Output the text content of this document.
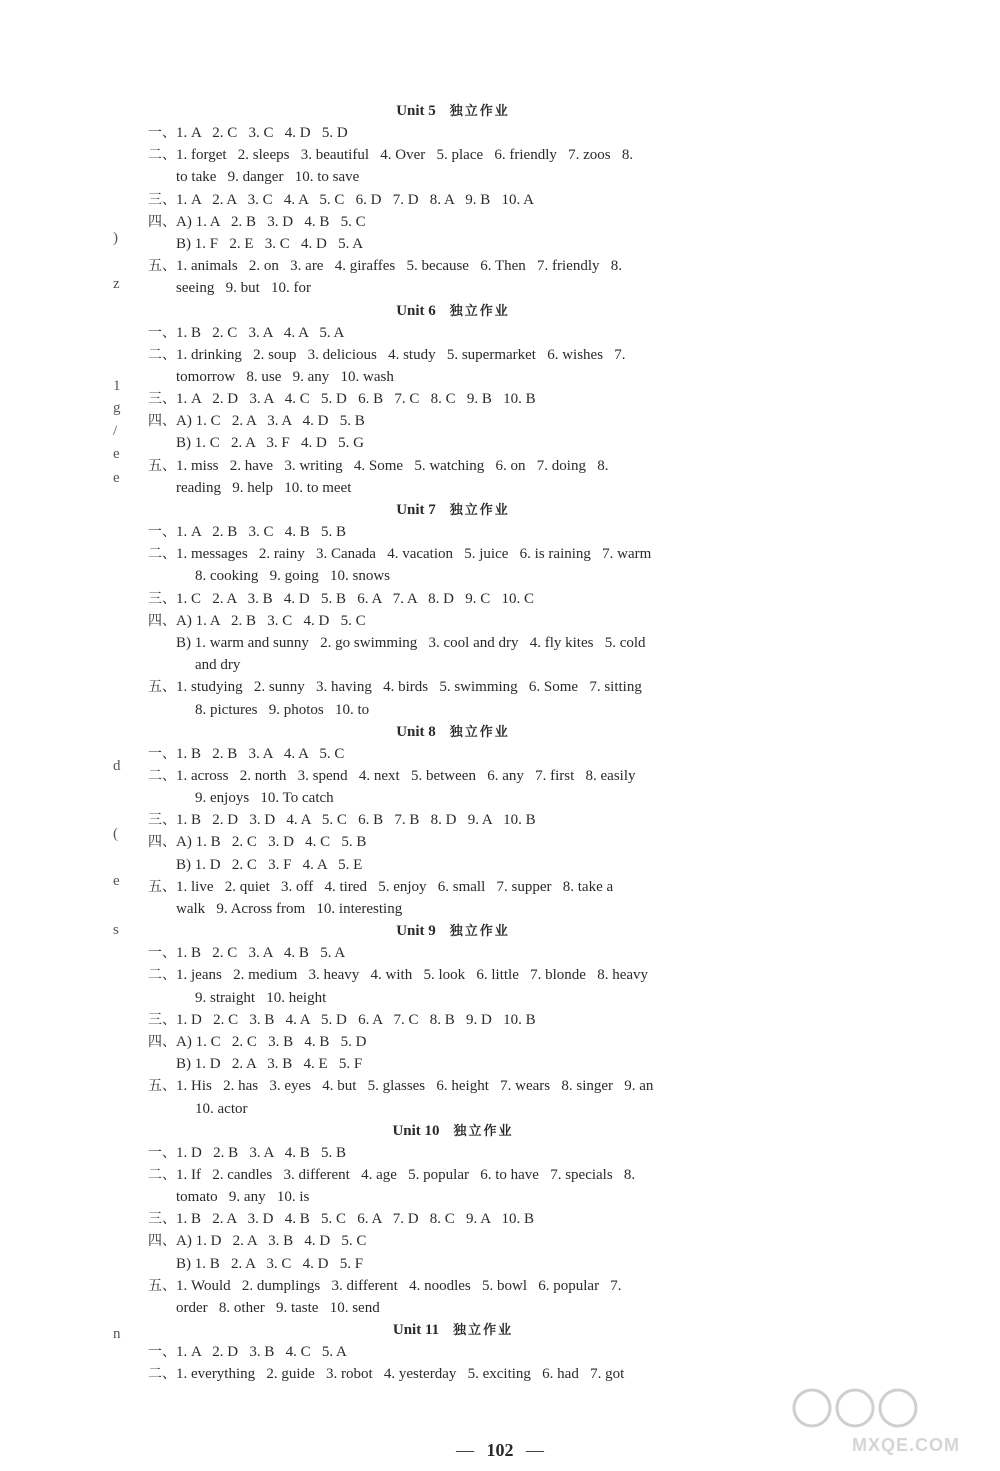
)
z
1
g
/
e
e
d
(
e
s
n
Unit 5 独立作业
一、1. A   2. C   3. C   4. D   5. D
二、1. forget   2. sleeps   3. beautiful   4. Over   5. place   6. friendly   7. zoos   8.
to take   9. danger   10. to save
三、1. A   2. A   3. C   4. A   5. C   6. D   7. D   8. A   9. B   10. A
四、A) 1. A   2. B   3. D   4. B   5. C
B) 1. F   2. E   3. C   4. D   5. A
五、1. animals   2. on   3. are   4. giraffes   5. because   6. Then   7. friendly   8.
seeing   9. but   10. for
Unit 6 独立作业
一、1. B   2. C   3. A   4. A   5. A
二、1. drinking   2. soup   3. delicious   4. study   5. supermarket   6. wishes   7.
tomorrow   8. use   9. any   10. wash
三、1. A   2. D   3. A   4. C   5. D   6. B   7. C   8. C   9. B   10. B
四、A) 1. C   2. A   3. A   4. D   5. B
B) 1. C   2. A   3. F   4. D   5. G
五、1. miss   2. have   3. writing   4. Some   5. watching   6. on   7. doing   8.
reading   9. help   10. to meet
Unit 7 独立作业
一、1. A   2. B   3. C   4. B   5. B
二、1. messages   2. rainy   3. Canada   4. vacation   5. juice   6. is raining   7. warm
8. cooking   9. going   10. snows
三、1. C   2. A   3. B   4. D   5. B   6. A   7. A   8. D   9. C   10. C
四、A) 1. A   2. B   3. C   4. D   5. C
B) 1. warm and sunny   2. go swimming   3. cool and dry   4. fly kites   5. cold
and dry
五、1. studying   2. sunny   3. having   4. birds   5. swimming   6. Some   7. sitting
8. pictures   9. photos   10. to
Unit 8 独立作业
一、1. B   2. B   3. A   4. A   5. C
二、1. across   2. north   3. spend   4. next   5. between   6. any   7. first   8. easily
9. enjoys   10. To catch
三、1. B   2. D   3. D   4. A   5. C   6. B   7. B   8. D   9. A   10. B
四、A) 1. B   2. C   3. D   4. C   5. B
B) 1. D   2. C   3. F   4. A   5. E
五、1. live   2. quiet   3. off   4. tired   5. enjoy   6. small   7. supper   8. take a
walk   9. Across from   10. interesting
Unit 9 独立作业
一、1. B   2. C   3. A   4. B   5. A
二、1. jeans   2. medium   3. heavy   4. with   5. look   6. little   7. blonde   8. heavy
9. straight   10. height
三、1. D   2. C   3. B   4. A   5. D   6. A   7. C   8. B   9. D   10. B
四、A) 1. C   2. C   3. B   4. B   5. D
B) 1. D   2. A   3. B   4. E   5. F
五、1. His   2. has   3. eyes   4. but   5. glasses   6. height   7. wears   8. singer   9. an
10. actor
Unit 10 独立作业
一、1. D   2. B   3. A   4. B   5. B
二、1. If   2. candles   3. different   4. age   5. popular   6. to have   7. specials   8.
tomato   9. any   10. is
三、1. B   2. A   3. D   4. B   5. C   6. A   7. D   8. C   9. A   10. B
四、A) 1. D   2. A   3. B   4. D   5. C
B) 1. B   2. A   3. C   4. D   5. F
五、1. Would   2. dumplings   3. different   4. noodles   5. bowl   6. popular   7.
order   8. other   9. taste   10. send
Unit 11 独立作业
一、1. A   2. D   3. B   4. C   5. A
二、1. everything   2. guide   3. robot   4. yesterday   5. exciting   6. had   7. got
— 102 —	MXQE.COM
